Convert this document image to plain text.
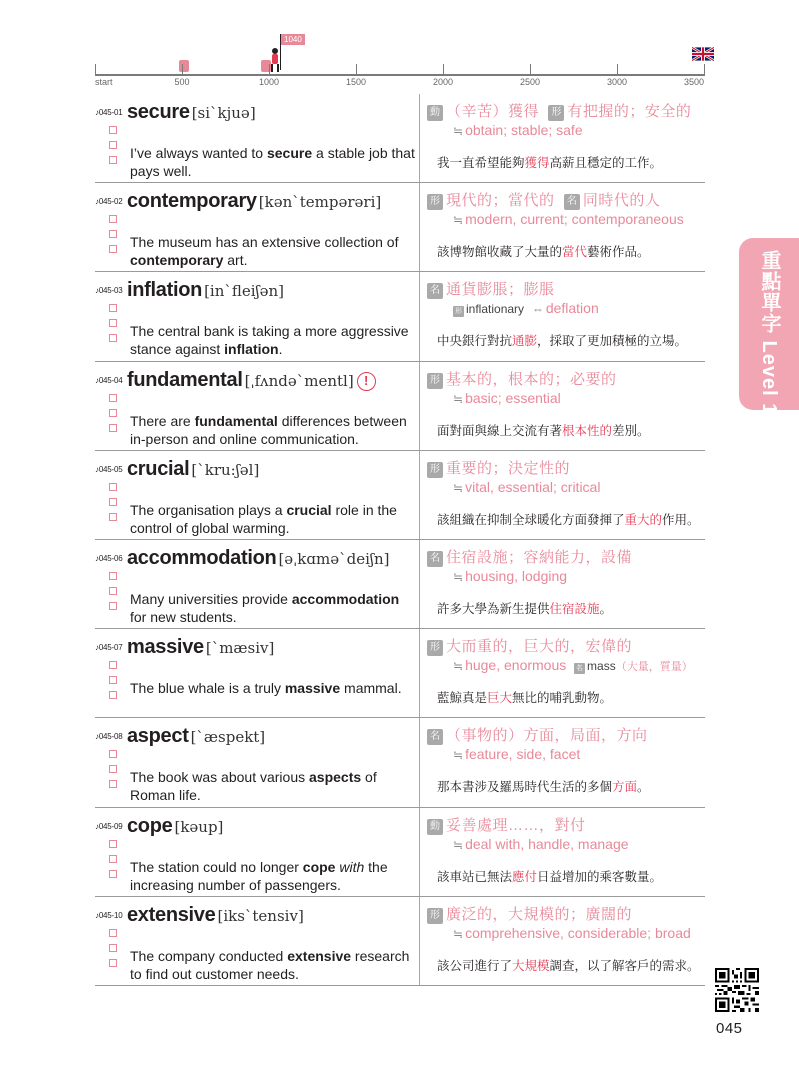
1040
start	500	1000	1500	2000	2500	3000	3500
♪045-01 secure [siˋkjuə]
I’ve always wanted to secure a stable job that pays well.
動 （辛苦）獲得 形 有把握的；安全的
≒ obtain; stable; safe
我一直希望能夠獲得高薪且穩定的工作。
♪045-02 contemporary [kənˋtempərəri]
The museum has an extensive collection of contemporary art.
形 現代的；當代的 名 同時代的人
≒ modern, current; contemporaneous
該博物館收藏了大量的當代藝術作品。
♪045-03 inflation [inˋfleiʃən]
The central bank is taking a more aggressive stance against inflation.
名 通貨膨脹；膨脹
形 inflationary ⇔ deflation
中央銀行對抗通膨，採取了更加積極的立場。
♪045-04 fundamental [ˌfʌndəˋmentl] !
There are fundamental differences between in-person and online communication.
形 基本的，根本的；必要的
≒ basic; essential
面對面與線上交流有著根本性的差別。
♪045-05 crucial [ˋkru:ʃəl]
The organisation plays a crucial role in the control of global warming.
形 重要的；決定性的
≒ vital, essential; critical
該組織在抑制全球暖化方面發揮了重大的作用。
♪045-06 accommodation [əˌkɑməˋdeiʃn]
Many universities provide accommodation for new students.
名 住宿設施；容納能力，設備
≒ housing, lodging
許多大學為新生提供住宿設施。
♪045-07 massive [ˋmæsiv]
The blue whale is a truly massive mammal.
形 大而重的，巨大的，宏偉的
≒ huge, enormous 名 mass（大量，質量）
藍鯨真是巨大無比的哺乳動物。
♪045-08 aspect [ˋæspekt]
The book was about various aspects of Roman life.
名 （事物的）方面，局面，方向
≒ feature, side, facet
那本書涉及羅馬時代生活的多個方面。
♪045-09 cope [kəup]
The station could no longer cope with the increasing number of passengers.
動 妥善處理……，對付
≒ deal with, handle, manage
該車站已無法應付日益增加的乘客數量。
♪045-10 extensive [iksˋtensiv]
The company conducted extensive research to find out customer needs.
形 廣泛的，大規模的；廣闊的
≒ comprehensive, considerable; broad
該公司進行了大規模調查，以了解客戶的需求。
重點單字 Level 1
045
